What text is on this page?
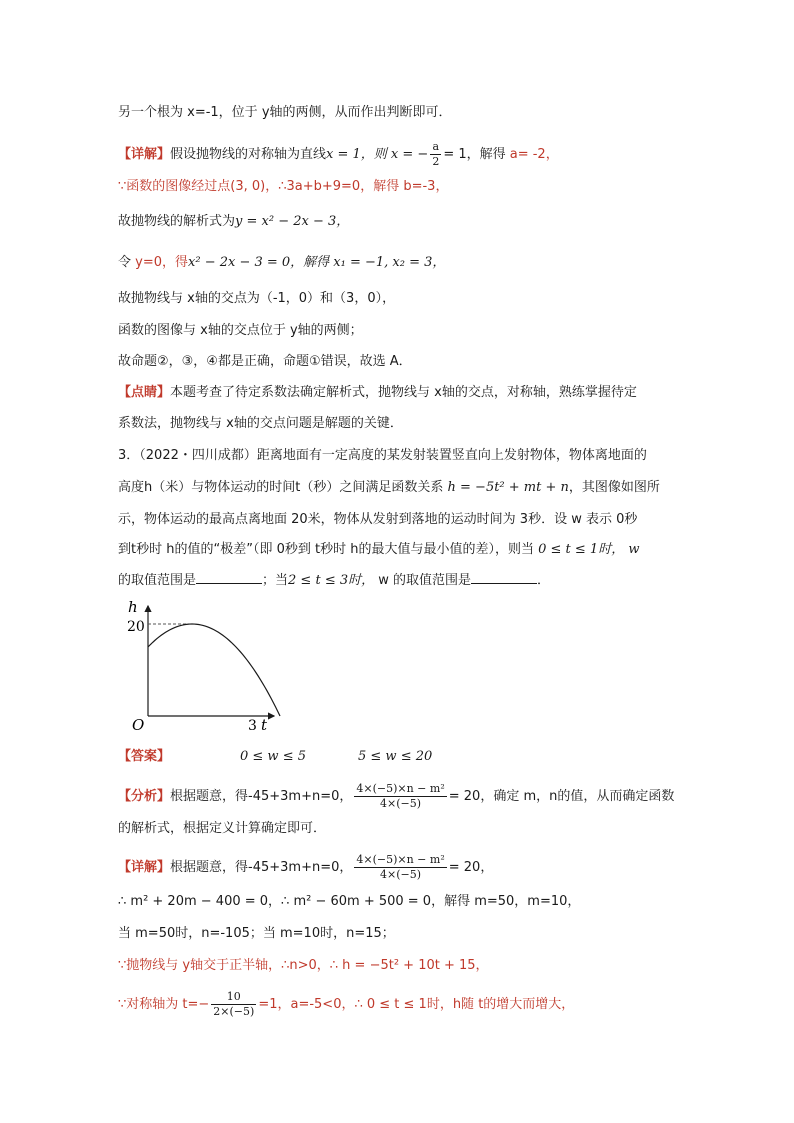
另一个根为 x=-1，位于 y轴的两侧，从而作出判断即可．
【详解】假设抛物线的对称轴为直线x = 1，则 x = − $\frac{a}{2} = 1$，解得 a= -2，
∵函数的图像经过点(3, 0)，∴3a+b+9=0，解得 b=-3，
故抛物线的解析式为y = x² − 2x − 3，
令 y=0，得x² − 2x − 3 = 0，解得 x₁ = −1, x₂ = 3，
故抛物线与 x轴的交点为（-1，0）和（3，0），
函数的图像与 x轴的交点位于 y轴的两侧；
故命题②，③，④都是正确，命题①错误，故选 A．
【点睛】本题考查了待定系数法确定解析式，抛物线与 x轴的交点，对称轴，熟练掌握待定
系数法，抛物线与 x轴的交点问题是解题的关键．
3．（2022・四川成都）距离地面有一定高度的某发射装置竖直向上发射物体，物体离地面的
高度h（米）与物体运动的时间t（秒）之间满足函数关系 h = −5t² + mt + n，其图像如图所
示，物体运动的最高点离地面 20米，物体从发射到落地的运动时间为 3秒．设 w 表示 0秒
到t秒时 h的值的“极差”（即 0秒到 t秒时 h的最大值与最小值的差），则当 0 ≤ t ≤ 1时， w
的取值范围是	；当2 ≤ t ≤ 3时， w 的取值范围是	．
h
20
O	3 t
【答案】	0 ≤ w ≤ 5	5 ≤ w ≤ 20
【分析】根据题意，得-45+3m+n=0， $\frac{\text{4×(−5)×n − m²}}{4\times(-5)} = 20$，确定 m，n的值，从而确定函数
的解析式，根据定义计算确定即可．
【详解】根据题意，得-45+3m+n=0， $\frac{\text{4×(−5)×n − m²}}{4\times(-5)} = 20$，
∴ m² + 20m − 400 = 0，∴ m² − 60m + 500 = 0，解得 m=50，m=10，
当 m=50时，n=-105；当 m=10时，n=15；
∵抛物线与 y轴交于正半轴，∴n>0，∴ h = −5t² + 10t + 15，
∵对称轴为 $t=- \frac{10}{2\times(-5)} =1$，a=-5<0，∴ 0 ≤ t ≤ 1时，h随 t的增大而增大，
